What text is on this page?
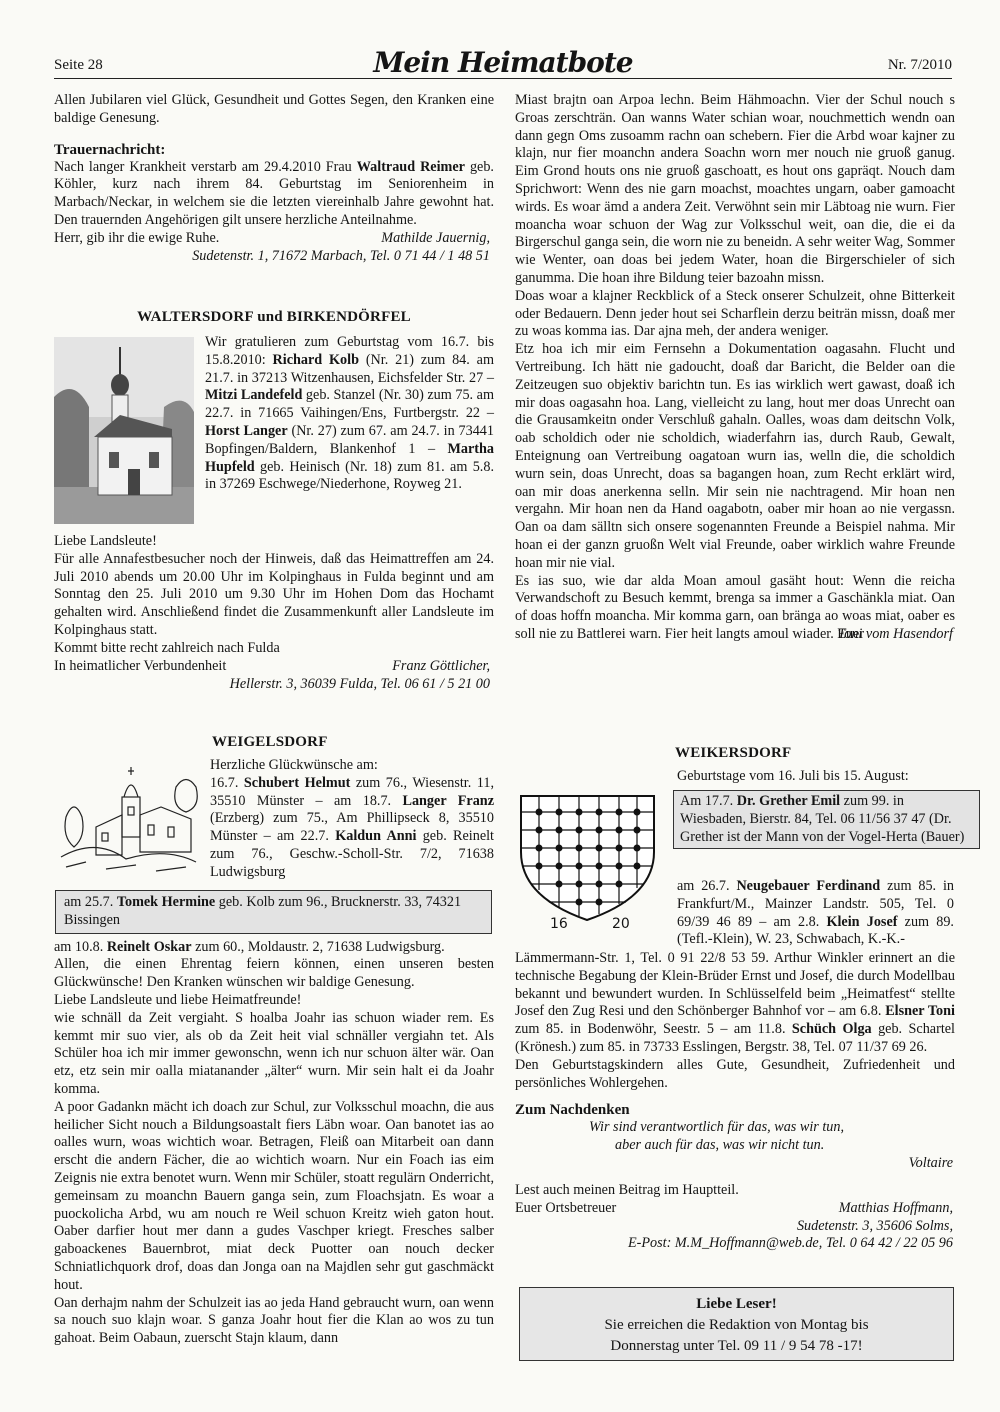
Seite 28	Mein Heimatbote	Nr. 7/2010

Allen Jubilaren viel Glück, Gesundheit und Gottes Segen, den Kranken eine baldige Genesung.

Trauernachricht:

Nach langer Krankheit verstarb am 29.4.2010 Frau Waltraud Reimer geb. Köhler, kurz nach ihrem 84. Geburtstag im Seniorenheim in Marbach/Neckar, in welchem sie die letzten viereinhalb Jahre gewohnt hat. Den trauernden Angehörigen gilt unsere herzliche Anteilnahme.

Herr, gib ihr die ewige Ruhe.	Mathilde Jauernig,

Sudetenstr. 1, 71672 Marbach, Tel. 0 71 44 / 1 48 51

WALTERSDORF und BIRKENDÖRFEL
Wir gratulieren zum Geburtstag vom 16.7. bis 15.8.2010: Richard Kolb (Nr. 21) zum 84. am 21.7. in 37213 Witzenhausen, Eichsfelder Str. 27 – Mitzi Landefeld geb. Stanzel (Nr. 30) zum 75. am 22.7. in 71665 Vaihingen/Ens, Furtbergstr. 22 – Horst Langer (Nr. 27) zum 67. am 24.7. in 73441 Bopfingen/Baldern, Blankenhof 1 – Martha Hupfeld geb. Heinisch (Nr. 18) zum 81. am 5.8. in 37269 Eschwege/Niederhone, Royweg 21.

Liebe Landsleute!

Für alle Annafestbesucher noch der Hinweis, daß das Heimattreffen am 24. Juli 2010 abends um 20.00 Uhr im Kolpinghaus in Fulda beginnt und am Sonntag den 25. Juli 2010 um 9.30 Uhr im Hohen Dom das Hochamt gehalten wird. Anschließend findet die Zusammenkunft aller Landsleute im Kolpinghaus statt.

Kommt bitte recht zahlreich nach Fulda

In heimatlicher Verbundenheit	Franz Göttlicher,

Hellerstr. 3, 36039 Fulda, Tel. 06 61 / 5 21 00

WEIGELSDORF
Herzliche Glückwünsche am:
16.7. Schubert Helmut zum 76., Wiesenstr. 11, 35510 Münster – am 18.7. Langer Franz (Erzberg) zum 75., Am Phillipseck 8, 35510 Münster – am 22.7. Kaldun Anni geb. Reinelt zum 76., Geschw.-Scholl-Str. 7/2, 71638 Ludwigsburg
am 25.7. Tomek Hermine geb. Kolb zum 96., Brucknerstr. 33, 74321 Bissingen

am 10.8. Reinelt Oskar zum 60., Moldaustr. 2, 71638 Ludwigsburg.

Allen, die einen Ehrentag feiern können, einen unseren besten Glückwünsche! Den Kranken wünschen wir baldige Genesung.

Liebe Landsleute und liebe Heimatfreunde!

wie schnäll da Zeit vergiaht. S hoalba Joahr ias schuon wiader rem. Es kemmt mir suo vier, als ob da Zeit heit vial schnäller vergiahn tet. Als Schüler hoa ich mir immer gewonschn, wenn ich nur schuon älter wär. Oan etz, etz sein mir oalla miatanander „älter“ wurn. Mir sein halt ei da Joahr komma.

A poor Gadankn mächt ich doach zur Schul, zur Volksschul moachn, die aus heilicher Sicht nouch a Bildungsoastalt fiers Läbn woar. Oan banotet ias ao oalles wurn, woas wichtich woar. Betragen, Fleiß oan Mitarbeit oan dann erscht die andern Fächer, die ao wichtich woarn. Nur ein Foach ias eim Zeignis nie extra benotet wurn. Wenn mir Schüler, stoatt regulärn Onderricht, gemeinsam zu moanchn Bauern ganga sein, zum Floachsjatn. Es woar a puockolicha Arbd, wu am nouch re Weil schuon Kreitz wieh gaton hout. Oaber darfier hout mer dann a gudes Vaschper kriegt. Fresches salber gaboackenes Bauernbrot, miat deck Puotter oan nouch decker Schniatlichquork drof, doas dan Jonga oan na Majdlen sehr gut gaschmäckt hout.

Oan derhajm nahm der Schulzeit ias ao jeda Hand gebraucht wurn, oan wenn sa nouch suo klajn woar. S ganza Joahr hout fier die Klan ao wos zu tun gahoat. Beim Oabaun, zuerscht Stajn klaum, dann

Miast brajtn oan Arpoa lechn. Beim Hähmoachn. Vier der Schul nouch s Groas zerschträn. Oan wanns Water schian woar, nouchmettich wendn oan dann gegn Oms zusoamm rachn oan schebern. Fier die Arbd woar kajner zu klajn, nur fier moanchn andera Soachn worn mer nouch nie gruoß ganug. Eim Grond houts ons nie gruoß gaschoatt, es hout ons gapräqt. Nouch dam Sprichwort: Wenn des nie garn moachst, moachtes ungarn, oaber gamoacht wirds. Es woar ämd a andera Zeit. Verwöhnt sein mir Läbtoag nie wurn. Fier moancha woar schuon der Wag zur Volksschul weit, oan die, die ei da Birgerschul ganga sein, die worn nie zu beneidn. A sehr weiter Wag, Sommer wie Wenter, oan doas bei jedem Water, hoan die Birgerschieler of sich ganumma. Die hoan ihre Bildung teier bazoahn missn.

Doas woar a klajner Reckblick of a Steck onserer Schulzeit, ohne Bitterkeit oder Bedauern. Denn jeder hout sei Scharflein derzu beiträn missn, doaß mer zu woas komma ias. Dar ajna meh, der andera weniger.

Etz hoa ich mir eim Fernsehn a Dokumentation oagasahn. Flucht und Vertreibung. Ich hätt nie gadoucht, doaß dar Baricht, die Belder oan die Zeitzeugen suo objektiv barichtn tun. Es ias wirklich wert gawast, doaß ich mir doas oagasahn hoa. Lang, vielleicht zu lang, hout mer doas Unrecht oan die Grausamkeitn onder Verschluß gahaln. Oalles, woas dam deitschn Volk, oab scholdich oder nie scholdich, wiaderfahrn ias, durch Raub, Gewalt, Enteignung oan Vertreibung oagatoan wurn ias, welln die, die scholdich wurn sein, doas Unrecht, doas sa bagangen hoan, zum Recht erklärt wird, oan mir doas anerkenna selln. Mir sein nie nachtragend. Mir hoan nen vergahn. Mir hoan nen da Hand oagabotn, oaber mir hoan ao nie vergassn. Oan oa dam sälltn sich onsere sogenannten Freunde a Beispiel nahma. Mir hoan ei der ganzn gruoßn Welt vial Freunde, oaber wirklich wahre Freunde hoan mir nie vial.

Es ias suo, wie dar alda Moan amoul gasäht hout: Wenn die reicha Verwandschoft zu Besuch kemmt, brenga sa immer a Gaschänkla miat. Oan of doas hoffn moancha. Mir komma garn, oan bränga ao woas miat, oaber es soll nie zu Battlerei warn. Fier heit langts amoul wiader. Euer

Toni vom Hasendorf

WEIKERSDORF
16	20
Geburtstage vom 16. Juli bis 15. August:
Am 17.7. Dr. Grether Emil zum 99. in Wiesbaden, Bierstr. 84, Tel. 06 11/56 37 47 (Dr. Grether ist der Mann von der Vogel-Herta (Bauer)

am 26.7. Neugebauer Ferdinand zum 85. in Frankfurt/M., Mainzer Landstr. 505, Tel. 0 69/39 46 89 – am 2.8. Klein Josef zum 89. (Tefl.-Klein), W. 23, Schwabach, K.-K.-

Lämmermann-Str. 1, Tel. 0 91 22/8 53 59. Arthur Winkler erinnert an die technische Begabung der Klein-Brüder Ernst und Josef, die durch Modellbau bekannt und bewundert wurden. In Schlüsselfeld beim „Heimatfest“ stellte Josef den Zug Resi und den Schönberger Bahnhof vor – am 6.8. Elsner Toni zum 85. in Bodenwöhr, Seestr. 5 – am 11.8. Schüch Olga geb. Schartel (Krönesh.) zum 85. in 73733 Esslingen, Bergstr. 38, Tel. 07 11/37 69 26.

Den Geburtstagskindern alles Gute, Gesundheit, Zufriedenheit und persönliches Wohlergehen.

Zum Nachdenken

Wir sind verantwortlich für das, was wir tun,

aber auch für das, was wir nicht tun.

Voltaire

Lest auch meinen Beitrag im Hauptteil.

Euer Ortsbetreuer	Matthias Hoffmann,

Sudetenstr. 3, 35606 Solms,

E-Post: M.M_Hoffmann@web.de, Tel. 0 64 42 / 22 05 96

Liebe Leser!
Sie erreichen die Redaktion von Montag bis
Donnerstag unter Tel. 09 11 / 9 54 78 -17!
